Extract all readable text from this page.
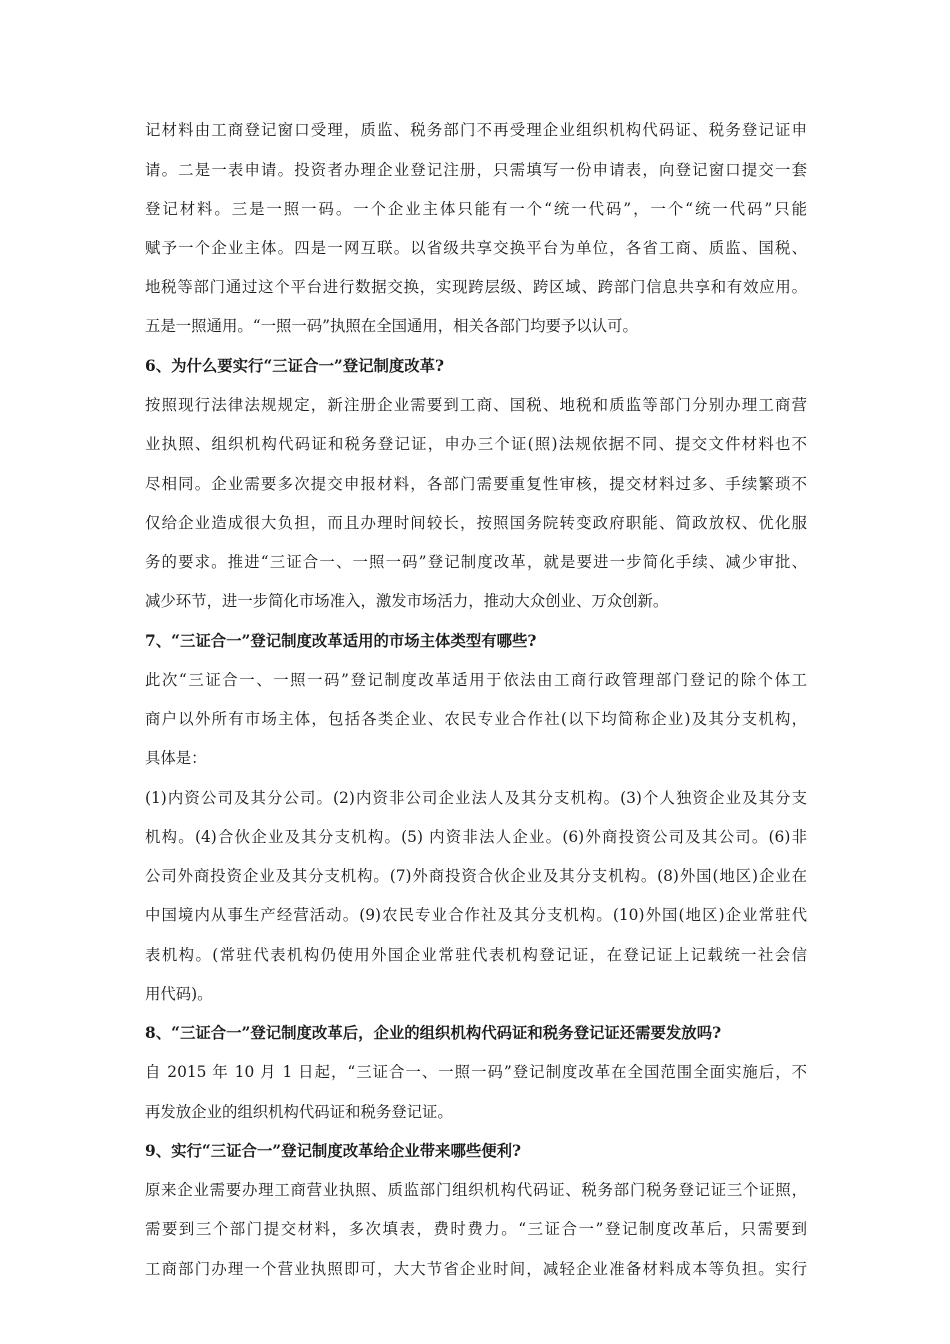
记材料由工商登记窗口受理，质监、税务部门不再受理企业组织机构代码证、税务登记证申
请。二是一表申请。投资者办理企业登记注册，只需填写一份申请表，向登记窗口提交一套
登记材料。三是一照一码。一个企业主体只能有一个“统一代码”，一个“统一代码”只能
赋予一个企业主体。四是一网互联。以省级共享交换平台为单位，各省工商、质监、国税、
地税等部门通过这个平台进行数据交换，实现跨层级、跨区域、跨部门信息共享和有效应用。
五是一照通用。“一照一码”执照在全国通用，相关各部门均要予以认可。
6、为什么要实行“三证合一”登记制度改革?
按照现行法律法规规定，新注册企业需要到工商、国税、地税和质监等部门分别办理工商营
业执照、组织机构代码证和税务登记证，申办三个证(照)法规依据不同、提交文件材料也不
尽相同。企业需要多次提交申报材料，各部门需要重复性审核，提交材料过多、手续繁琐不
仅给企业造成很大负担，而且办理时间较长，按照国务院转变政府职能、简政放权、优化服
务的要求。推进“三证合一、一照一码”登记制度改革，就是要进一步简化手续、减少审批、
减少环节，进一步简化市场准入，激发市场活力，推动大众创业、万众创新。
7、“三证合一”登记制度改革适用的市场主体类型有哪些?
此次“三证合一、一照一码”登记制度改革适用于依法由工商行政管理部门登记的除个体工
商户以外所有市场主体，包括各类企业、农民专业合作社(以下均简称企业)及其分支机构，
具体是：
(1)内资公司及其分公司。(2)内资非公司企业法人及其分支机构。(3)个人独资企业及其分支
机构。(4)合伙企业及其分支机构。(5) 内资非法人企业。(6)外商投资公司及其公司。(6)非
公司外商投资企业及其分支机构。(7)外商投资合伙企业及其分支机构。(8)外国(地区)企业在
中国境内从事生产经营活动。(9)农民专业合作社及其分支机构。(10)外国(地区)企业常驻代
表机构。(常驻代表机构仍使用外国企业常驻代表机构登记证，在登记证上记载统一社会信
用代码)。
8、“三证合一”登记制度改革后，企业的组织机构代码证和税务登记证还需要发放吗?
自 2015 年 10 月 1 日起，“三证合一、一照一码”登记制度改革在全国范围全面实施后，不
再发放企业的组织机构代码证和税务登记证。
9、实行“三证合一”登记制度改革给企业带来哪些便利?
原来企业需要办理工商营业执照、质监部门组织机构代码证、税务部门税务登记证三个证照，
需要到三个部门提交材料，多次填表，费时费力。“三证合一”登记制度改革后，只需要到
工商部门办理一个营业执照即可，大大节省企业时间，减轻企业准备材料成本等负担。实行
